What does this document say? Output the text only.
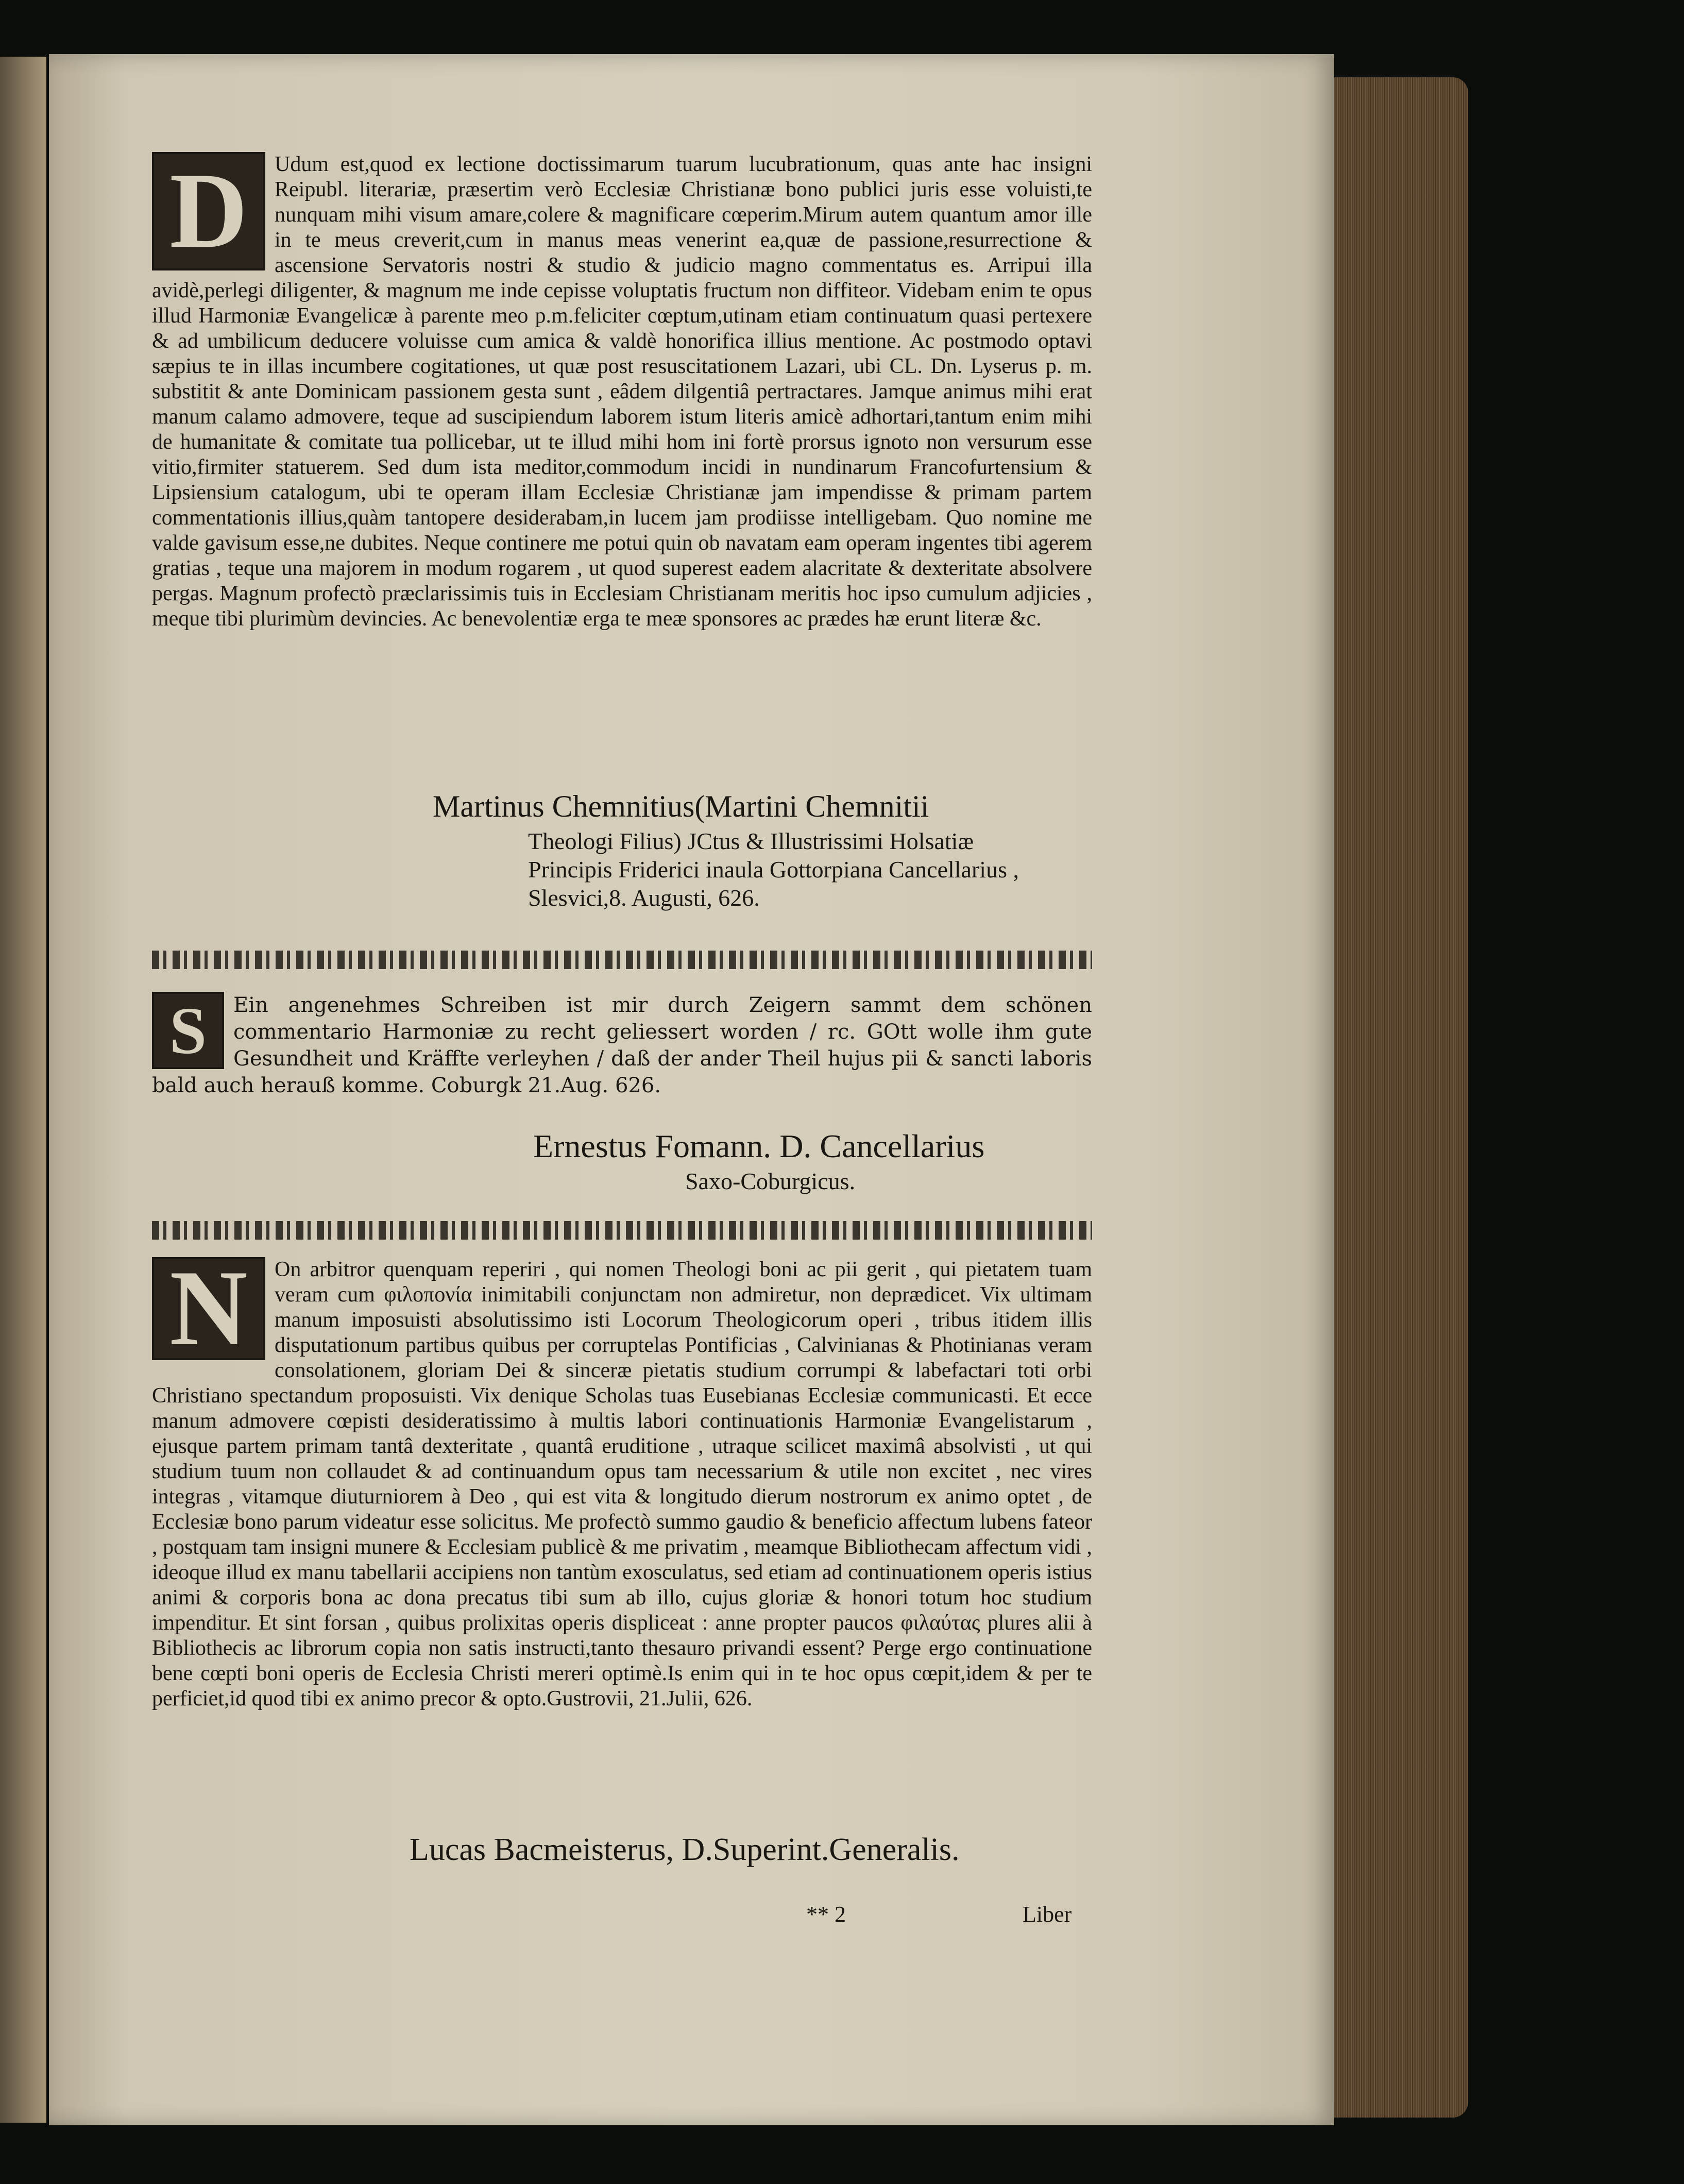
D	Udum est,quod ex lectione doctissimarum tuarum lucubrationum, quas ante hac insigni Reipubl. literariæ, præsertim verò Ecclesiæ Christianæ bono publici juris esse voluisti,te nunquam mihi visum amare,colere & magnificare cœperim.Mirum autem quantum amor ille in te meus creverit,cum in manus meas venerint ea,quæ de passione,resurrectione & ascensione Servatoris nostri & studio & judicio magno commentatus es. Arripui illa avidè,perlegi diligenter, & magnum me inde cepisse voluptatis fructum non diffiteor. Videbam enim te opus illud Harmoniæ Evangelicæ à parente meo p.m.feliciter cœptum,utinam etiam continuatum quasi pertexere & ad umbilicum deducere voluisse cum amica & valdè honorifica illius mentione. Ac postmodo optavi sæpius te in illas incumbere cogitationes, ut quæ post resuscitationem Lazari, ubi CL. Dn. Lyserus p. m. substitit & ante Dominicam passionem gesta sunt , eâdem dilgentiâ pertractares. Jamque animus mihi erat manum calamo admovere, teque ad suscipiendum laborem istum literis amicè adhortari,tantum enim mihi de humanitate & comitate tua pollicebar, ut te illud mihi hom ini fortè prorsus ignoto non versurum esse vitio,firmiter statuerem. Sed dum ista meditor,commodum incidi in nundinarum Francofurtensium & Lipsiensium catalogum, ubi te operam illam Ecclesiæ Christianæ jam impendisse & primam partem commentationis illius,quàm tantopere desiderabam,in lucem jam prodiisse intelligebam. Quo nomine me valde gavisum esse,ne dubites. Neque continere me potui quin ob navatam eam operam ingentes tibi agerem gratias , teque una majorem in modum rogarem , ut quod superest eadem alacritate & dexteritate absolvere pergas. Magnum profectò præclarissimis tuis in Ecclesiam Christianam meritis hoc ipso cumulum adjicies , meque tibi plurimùm devincies. Ac benevolentiæ erga te meæ sponsores ac prædes hæ erunt literæ &c.

Martinus Chemnitius(Martini Chemnitii
Theologi Filius) JCtus & Illustrissimi Holsatiæ
Principis Friderici inaula Gottorpiana Cancellarius , Slesvici,8. Augusti, 626.
S	Ein angenehmes Schreiben ist mir durch Zeigern sammt dem schönen commentario Harmoniæ zu recht geliessert worden / rc. GOtt wolle ihm gute Gesundheit und Kräffte verleyhen / daß der ander Theil hujus pii & sancti laboris bald auch herauß komme. Coburgk 21.Aug. 626.

Ernestus Fomann. D. Cancellarius
Saxo-Coburgicus.
N	On arbitror quenquam reperiri , qui nomen Theologi boni ac pii gerit , qui pietatem tuam veram cum φιλοπονία inimitabili conjunctam non admiretur, non deprædicet. Vix ultimam manum imposuisti absolutissimo isti Locorum Theologicorum operi , tribus itidem illis disputationum partibus quibus per corruptelas Pontificias , Calvinianas & Photinianas veram consolationem, gloriam Dei & sinceræ pietatis studium corrumpi & labefactari toti orbi Christiano spectandum proposuisti. Vix denique Scholas tuas Eusebianas Ecclesiæ communicasti. Et ecce manum admovere cœpisti desideratissimo à multis labori continuationis Harmoniæ Evangelistarum , ejusque partem primam tantâ dexteritate , quantâ eruditione , utraque scilicet maximâ absolvisti , ut qui studium tuum non collaudet & ad continuandum opus tam necessarium & utile non excitet , nec vires integras , vitamque diuturniorem à Deo , qui est vita & longitudo dierum nostrorum ex animo optet , de Ecclesiæ bono parum videatur esse solicitus. Me profectò summo gaudio & beneficio affectum lubens fateor , postquam tam insigni munere & Ecclesiam publicè & me privatim , meamque Bibliothecam affectum vidi , ideoque illud ex manu tabellarii accipiens non tantùm exosculatus, sed etiam ad continuationem operis istius animi & corporis bona ac dona precatus tibi sum ab illo, cujus gloriæ & honori totum hoc studium impenditur. Et sint forsan , quibus prolixitas operis displiceat : anne propter paucos φιλαύτας plures alii à Bibliothecis ac librorum copia non satis instructi,tanto thesauro privandi essent? Perge ergo continuatione bene cœpti boni operis de Ecclesia Christi mereri optimè.Is enim qui in te hoc opus cœpit,idem & per te perficiet,id quod tibi ex animo precor & opto.Gustrovii, 21.Julii, 626.

Lucas Bacmeisterus, D.Superint.Generalis.
** 2	Liber
